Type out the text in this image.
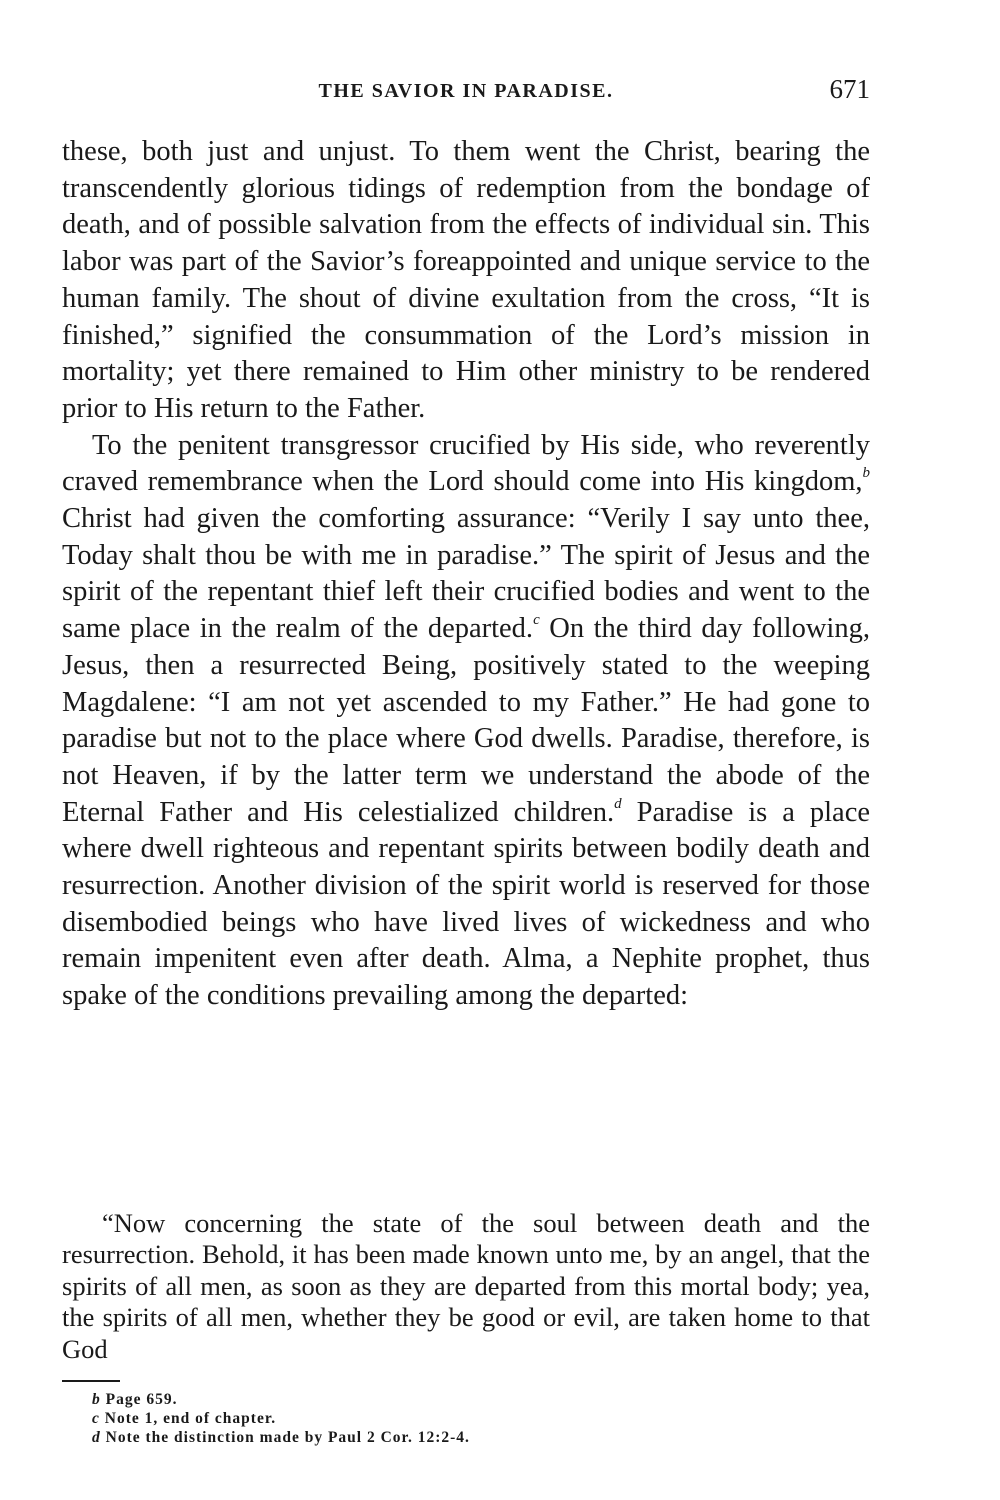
THE SAVIOR IN PARADISE.	671

these, both just and unjust. To them went the Christ, bearing the transcendently glorious tidings of redemption from the bondage of death, and of possible salvation from the effects of individual sin. This labor was part of the Savior’s foreappointed and unique service to the human family. The shout of divine exultation from the cross, “It is finished,” signified the consummation of the Lord’s mission in mortality; yet there remained to Him other ministry to be rendered prior to His return to the Father.

To the penitent transgressor crucified by His side, who reverently craved remembrance when the Lord should come into His kingdom,$^b$ Christ had given the comforting assurance: “Verily I say unto thee, Today shalt thou be with me in paradise.” The spirit of Jesus and the spirit of the repentant thief left their crucified bodies and went to the same place in the realm of the departed.$^c$ On the third day following, Jesus, then a resurrected Being, positively stated to the weeping Magdalene: “I am not yet ascended to my Father.” He had gone to paradise but not to the place where God dwells. Paradise, therefore, is not Heaven, if by the latter term we understand the abode of the Eternal Father and His celestialized children.$^d$ Paradise is a place where dwell righteous and repentant spirits between bodily death and resurrection. Another division of the spirit world is reserved for those disembodied beings who have lived lives of wickedness and who remain impenitent even after death. Alma, a Nephite prophet, thus spake of the conditions prevailing among the departed:

“Now concerning the state of the soul between death and the resurrection. Behold, it has been made known unto me, by an angel, that the spirits of all men, as soon as they are departed from this mortal body; yea, the spirits of all men, whether they be good or evil, are taken home to that God

b Page 659.
c Note 1, end of chapter.
d Note the distinction made by Paul 2 Cor. 12:2-4.
